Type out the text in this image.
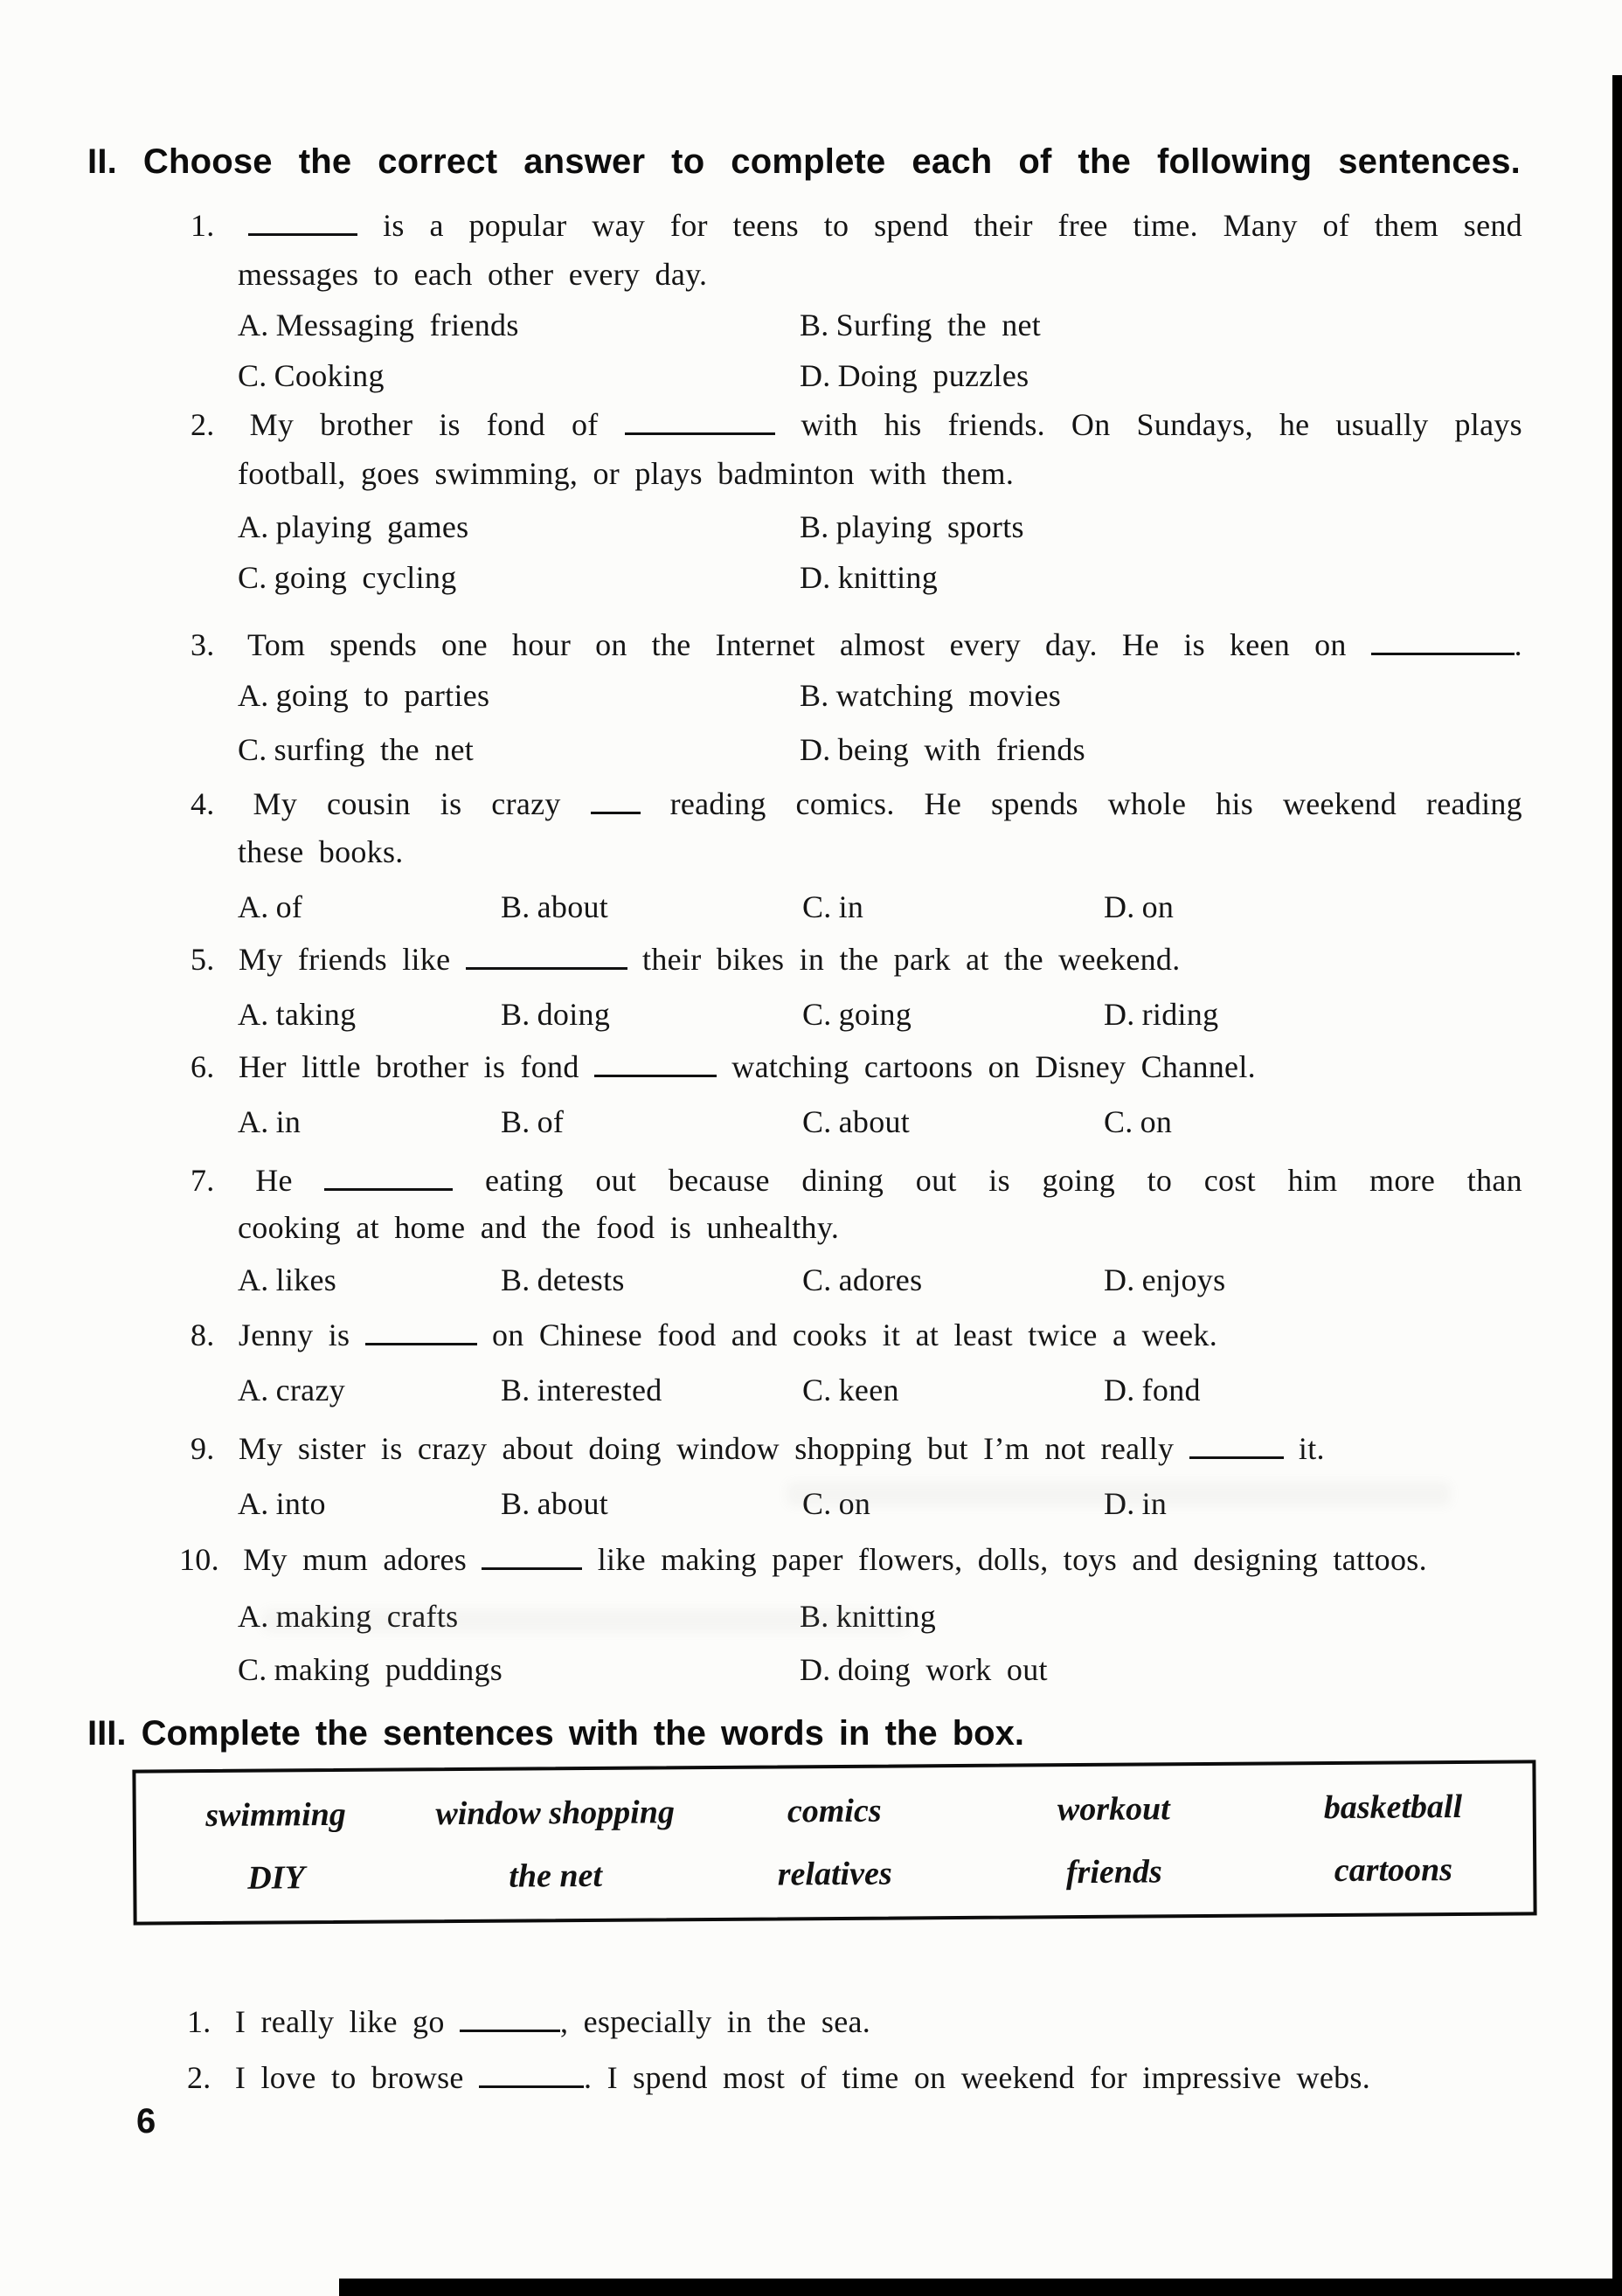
II. Choose the correct answer to complete each of the following sentences.
1.	is a popular way for teens to spend their free time. Many of them send
messages to each other every day.
A. Messaging friends	B. Surfing the net
C. Cooking	D. Doing puzzles
2. My brother is fond of	with his friends. On Sundays, he usually plays
football, goes swimming, or plays badminton with them.
A. playing games	B. playing sports
C. going cycling	D. knitting
3. Tom spends one hour on the Internet almost every day. He is keen on	.
A. going to parties	B. watching movies
C. surfing the net	D. being with friends
4. My cousin is crazy	reading comics. He spends whole his weekend reading
these books.
A. of	B. about	C. in	D. on
5. My friends like	their bikes in the park at the weekend.
A. taking	B. doing	C. going	D. riding
6. Her little brother is fond	watching cartoons on Disney Channel.
A. in	B. of	C. about	C. on
7. He	eating out because dining out is going to cost him more than
cooking at home and the food is unhealthy.
A. likes	B. detests	C. adores	D. enjoys
8. Jenny is	on Chinese food and cooks it at least twice a week.
A. crazy	B. interested	C. keen	D. fond
9. My sister is crazy about doing window shopping but I’m not really	it.
A. into	B. about	C. on	D. in
10. My mum adores	like making paper flowers, dolls, toys and designing tattoos.
A. making crafts	B. knitting
C. making puddings	D. doing work out
III. Complete the sentences with the words in the box.
swimming	window shopping	comics	workout	basketball
DIY	the net	relatives	friends	cartoons
1. I really like go	, especially in the sea.
2. I love to browse	. I spend most of time on weekend for impressive webs.
6
